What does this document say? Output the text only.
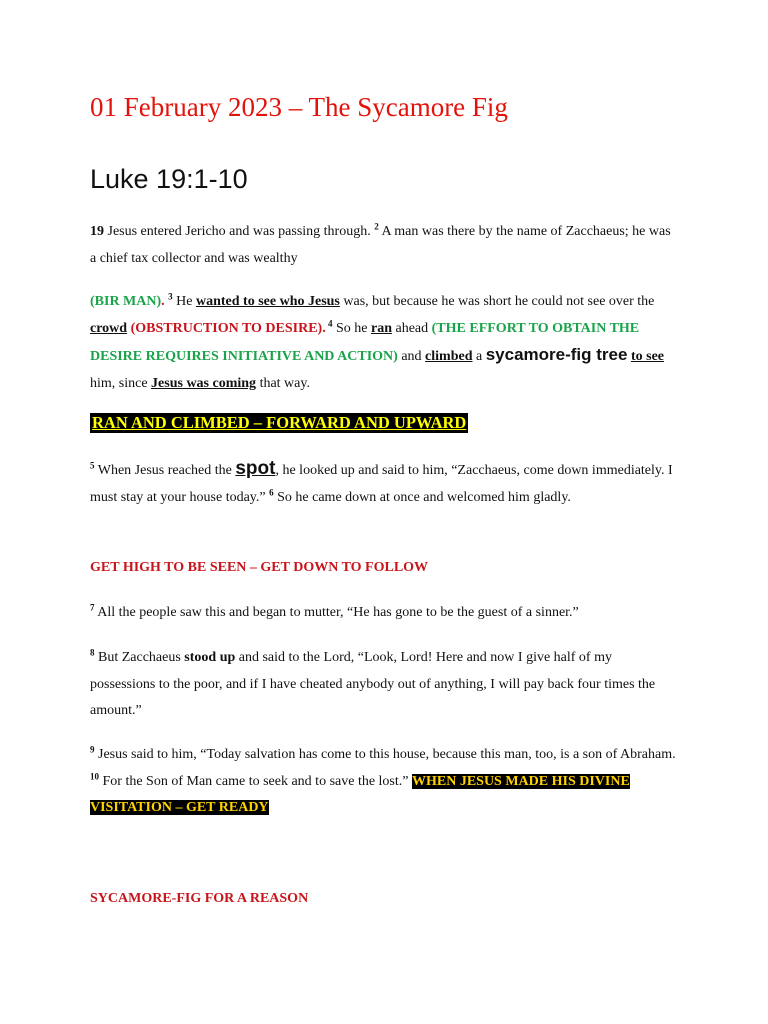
01 February 2023 – The Sycamore Fig
Luke 19:1-10
19 Jesus entered Jericho and was passing through. $^2$ A man was there by the name of Zacchaeus; he was a chief tax collector and was wealthy
(BIR MAN). $^3$ He wanted to see who Jesus was, but because he was short he could not see over the crowd (OBSTRUCTION TO DESIRE). $^4$ So he ran ahead (THE EFFORT TO OBTAIN THE DESIRE REQUIRES INITIATIVE AND ACTION) and climbed a sycamore-fig tree to see him, since Jesus was coming that way.
RAN AND CLIMBED – FORWARD AND UPWARD
$^5$ When Jesus reached the spot, he looked up and said to him, “Zacchaeus, come down immediately. I must stay at your house today.” $^6$ So he came down at once and welcomed him gladly.
GET HIGH TO BE SEEN – GET DOWN TO FOLLOW
$^7$ All the people saw this and began to mutter, “He has gone to be the guest of a sinner.”
$^8$ But Zacchaeus stood up and said to the Lord, “Look, Lord! Here and now I give half of my possessions to the poor, and if I have cheated anybody out of anything, I will pay back four times the amount.”
$^9$ Jesus said to him, “Today salvation has come to this house, because this man, too, is a son of Abraham. $^{10}$ For the Son of Man came to seek and to save the lost.” WHEN JESUS MADE HIS DIVINE VISITATION – GET READY
SYCAMORE-FIG FOR A REASON
